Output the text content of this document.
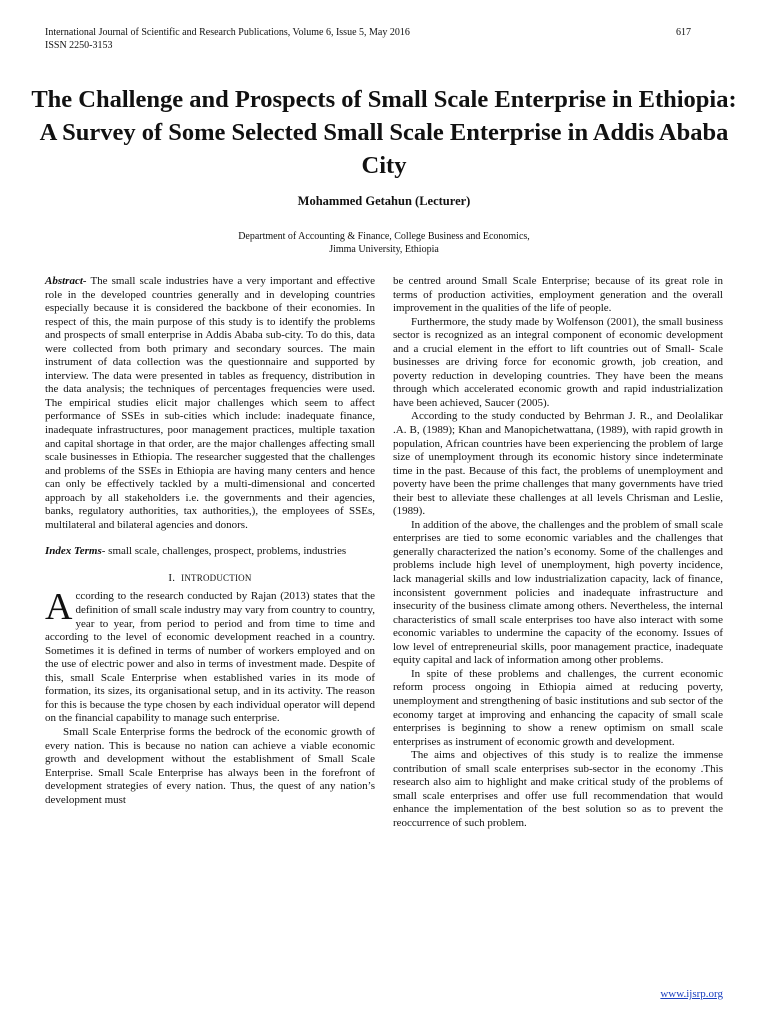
International Journal of Scientific and Research Publications, Volume 6, Issue 5, May 2016
ISSN 2250-3153
617
The Challenge and Prospects of Small Scale Enterprise in Ethiopia: A Survey of Some Selected Small Scale Enterprise in Addis Ababa City
Mohammed Getahun (Lecturer)
Department of Accounting & Finance, College Business and Economics,
Jimma University, Ethiopia

Abstract- The small scale industries have a very important and effective role in the developed countries generally and in developing countries especially because it is considered the backbone of their economies. In respect of this, the main purpose of this study is to identify the problems and prospects of small enterprise in Addis Ababa sub-city. To do this, data were collected from both primary and secondary sources. The main instrument of data collection was the questionnaire and supported by interview. The data were presented in tables as frequency, distribution in the data analysis; the techniques of percentages frequencies were used. The empirical studies elicit major challenges which seem to affect performance of SSEs in sub-cities which include: inadequate finance, inadequate infrastructures, poor management practices, multiple taxation and capital shortage in that order, are the major challenges affecting small scale businesses in Ethiopia. The researcher suggested that the challenges and problems of the SSEs in Ethiopia are having many centers and hence can only be effectively tackled by a multi-dimensional and concerted approach by all stakeholders i.e. the governments and their agencies, banks, regulatory authorities, tax authorities,), the employees of SSEs, multilateral and bilateral agencies and donors.

Index Terms- small scale, challenges, prospect, problems, industries

I. INTRODUCTION

According to the research conducted by Rajan (2013) states that the definition of small scale industry may vary from country to country, year to year, from period to period and from time to time and according to the level of economic development reached in a country. Sometimes it is defined in terms of number of workers employed and on the use of electric power and also in terms of investment made. Despite of this, small Scale Enterprise when established varies in its mode of formation, its sizes, its organisational setup, and in its activity. The reason for this is because the type chosen by each individual operator will depend on the financial capability to manage such enterprise.

Small Scale Enterprise forms the bedrock of the economic growth of every nation. This is because no nation can achieve a viable economic growth and development without the establishment of Small Scale Enterprise. Small Scale Enterprise has always been in the forefront of development strategies of every nation. Thus, the quest of any nation’s development must

be centred around Small Scale Enterprise; because of its great role in terms of production activities, employment generation and the overall improvement in the qualities of the life of people.

Furthermore, the study made by Wolfenson (2001), the small business sector is recognized as an integral component of economic development and a crucial element in the effort to lift countries out of Small- Scale businesses are driving force for economic growth, job creation, and poverty reduction in developing countries. They have been the means through which accelerated economic growth and rapid industrialization have been achieved, Saucer (2005).

According to the study conducted by Behrman J. R., and Deolalikar .A. B, (1989); Khan and Manopichetwattana, (1989), with rapid growth in population, African countries have been experiencing the problem of large size of unemployment through its economic history since indeterminate time in the past. Because of this fact, the problems of unemployment and poverty have been the prime challenges that many governments have tried their best to alleviate these challenges at all levels Chrisman and Leslie, (1989).

In addition of the above, the challenges and the problem of small scale enterprises are tied to some economic variables and the challenges that generally characterized the nation’s economy. Some of the challenges and problems include high level of unemployment, high poverty incidence, lack managerial skills and low industrialization capacity, lack of finance, inconsistent government policies and inadequate infrastructure and insecurity of the business climate among others. Nevertheless, the internal characteristics of small scale enterprises too have also interact with some economic variables to undermine the capacity of the economy. Issues of low level of entrepreneurial skills, poor management practice, inadequate equity capital and lack of information among other problems.

In spite of these problems and challenges, the current economic reform process ongoing in Ethiopia aimed at reducing poverty, unemployment and strengthening of basic institutions and sub sector of the economy target at improving and enhancing the capacity of small scale enterprises is beginning to show a renew optimism on small scale enterprises as instrument of economic growth and development.

The aims and objectives of this study is to realize the immense contribution of small scale enterprises sub-sector in the economy .This research also aim to highlight and make critical study of the problems of small scale enterprises and offer use full recommendation that would enhance the implementation of the best solution so as to prevent the reoccurrence of such problem.

www.ijsrp.org
